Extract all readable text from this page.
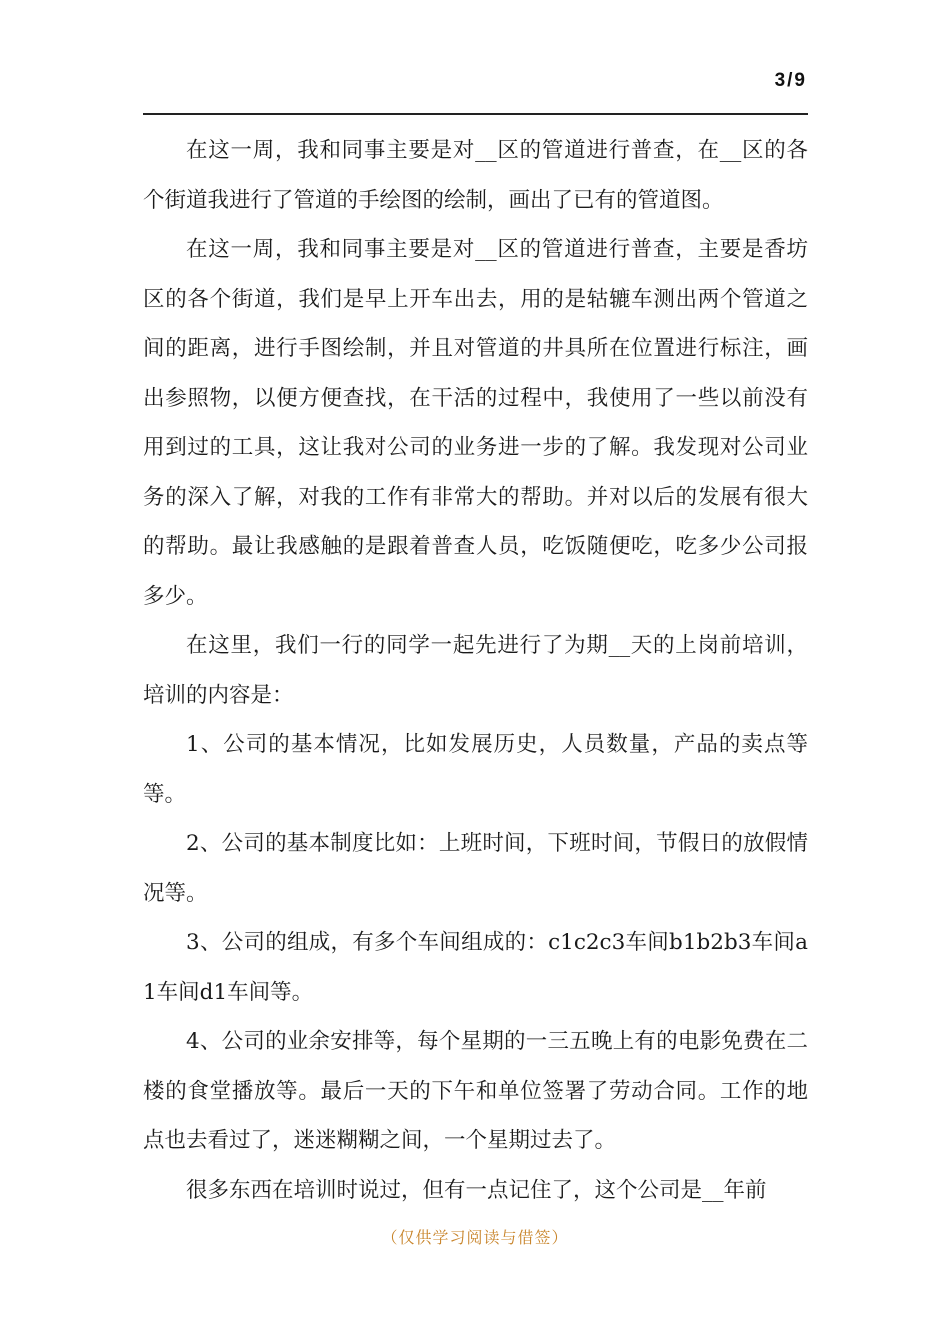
3/9

在这一周，我和同事主要是对__区的管道进行普查，在__区的各个街道我进行了管道的手绘图的绘制，画出了已有的管道图。

在这一周，我和同事主要是对__区的管道进行普查，主要是香坊区的各个街道，我们是早上开车出去，用的是轱辘车测出两个管道之间的距离，进行手图绘制，并且对管道的井具所在位置进行标注，画出参照物，以便方便查找，在干活的过程中，我使用了一些以前没有用到过的工具，这让我对公司的业务进一步的了解。我发现对公司业务的深入了解，对我的工作有非常大的帮助。并对以后的发展有很大的帮助。最让我感触的是跟着普查人员，吃饭随便吃，吃多少公司报多少。

在这里，我们一行的同学一起先进行了为期__天的上岗前培训，培训的内容是：

1、公司的基本情况，比如发展历史，人员数量，产品的卖点等等。

2、公司的基本制度比如：上班时间，下班时间，节假日的放假情况等。

3、公司的组成，有多个车间组成的：c1c2c3车间b1b2b3车间a1车间d1车间等。

4、公司的业余安排等，每个星期的一三五晚上有的电影免费在二楼的食堂播放等。最后一天的下午和单位签署了劳动合同。工作的地点也去看过了，迷迷糊糊之间，一个星期过去了。

很多东西在培训时说过，但有一点记住了，这个公司是__年前

（仅供学习阅读与借签）
